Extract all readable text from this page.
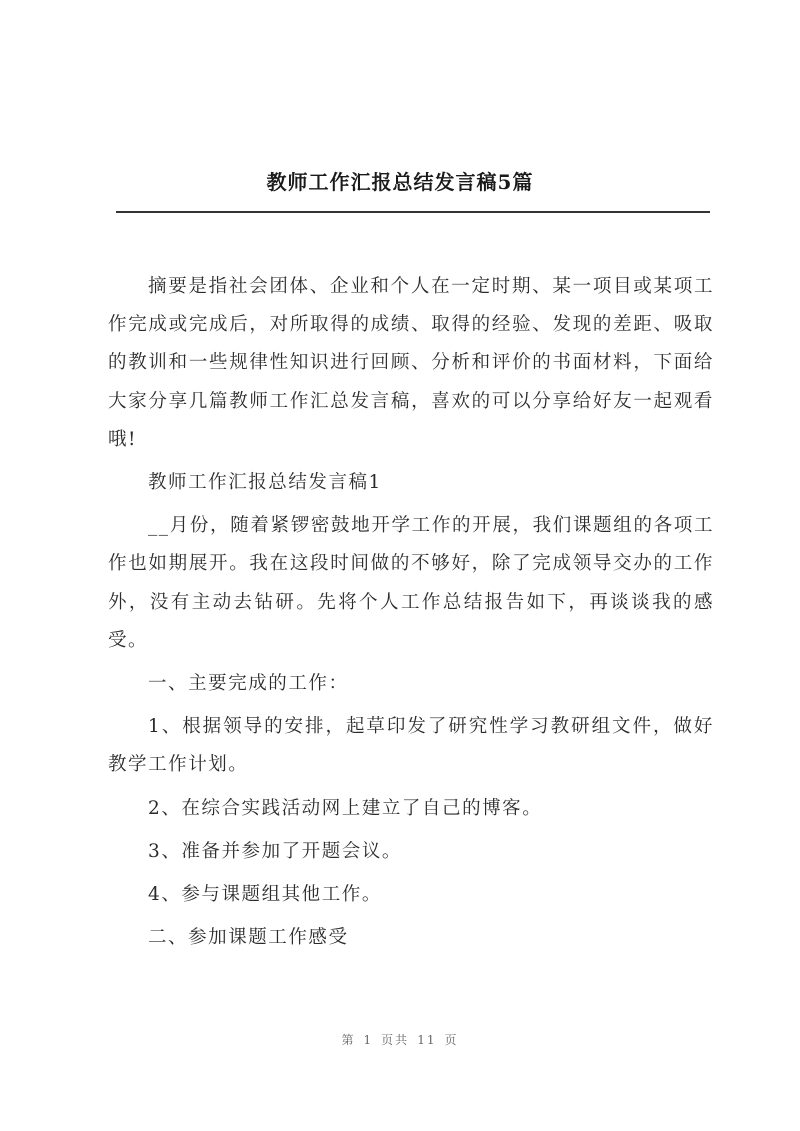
教师工作汇报总结发言稿5篇

摘要是指社会团体、企业和个人在一定时期、某一项目或某项工作完成或完成后，对所取得的成绩、取得的经验、发现的差距、吸取的教训和一些规律性知识进行回顾、分析和评价的书面材料，下面给大家分享几篇教师工作汇总发言稿，喜欢的可以分享给好友一起观看哦!

教师工作汇报总结发言稿1

__月份，随着紧锣密鼓地开学工作的开展，我们课题组的各项工作也如期展开。我在这段时间做的不够好，除了完成领导交办的工作外，没有主动去钻研。先将个人工作总结报告如下，再谈谈我的感受。

一、主要完成的工作：

1、根据领导的安排，起草印发了研究性学习教研组文件，做好教学工作计划。

2、在综合实践活动网上建立了自己的博客。

3、准备并参加了开题会议。

4、参与课题组其他工作。

二、参加课题工作感受

第 1 页共 11 页
